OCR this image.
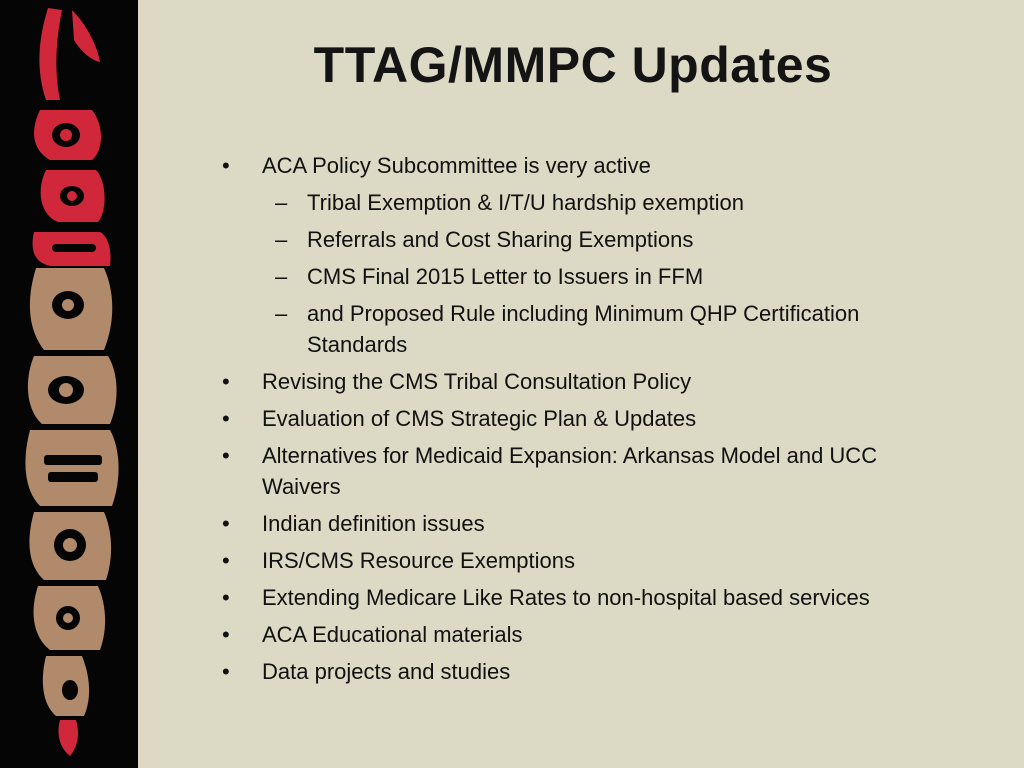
TTAG/MMPC Updates
• ACA Policy Subcommittee is very active
– Tribal Exemption & I/T/U hardship exemption
– Referrals and Cost Sharing Exemptions
– CMS Final 2015 Letter to Issuers in FFM
– and Proposed Rule including Minimum QHP Certification Standards
• Revising the CMS Tribal Consultation Policy
• Evaluation of CMS Strategic Plan & Updates
• Alternatives for Medicaid Expansion: Arkansas Model and UCC Waivers
• Indian definition issues
• IRS/CMS Resource Exemptions
• Extending Medicare Like Rates to non-hospital based services
• ACA Educational materials
• Data projects and studies
